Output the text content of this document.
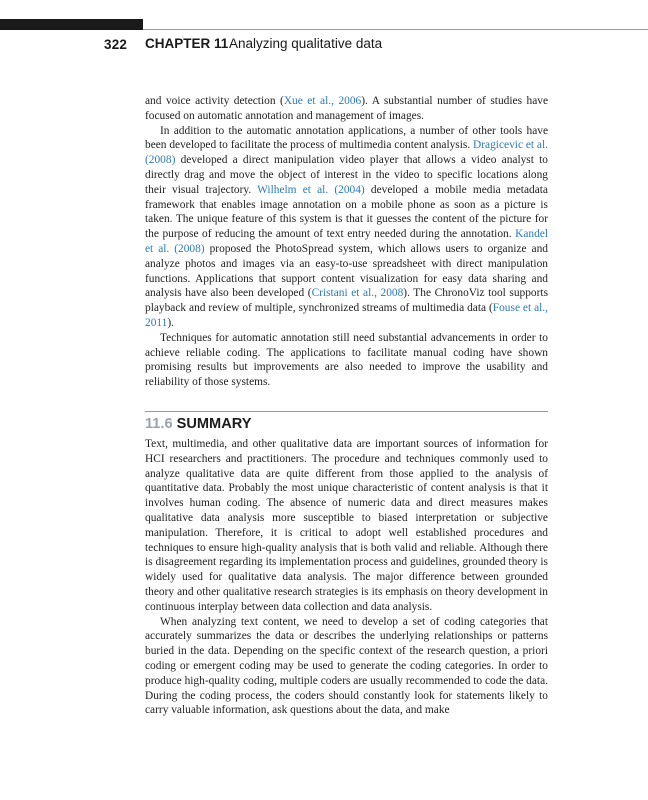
322 CHAPTER 11 Analyzing qualitative data

and voice activity detection (Xue et al., 2006). A substantial number of studies have focused on automatic annotation and management of images.

In addition to the automatic annotation applications, a number of other tools have been developed to facilitate the process of multimedia content analysis. Dragicevic et al. (2008) developed a direct manipulation video player that allows a video analyst to directly drag and move the object of interest in the video to specific locations along their visual trajectory. Wilhelm et al. (2004) developed a mobile media metadata framework that enables image annotation on a mobile phone as soon as a picture is taken. The unique feature of this system is that it guesses the content of the picture for the purpose of reducing the amount of text entry needed during the annotation. Kandel et al. (2008) proposed the PhotoSpread system, which allows users to organize and analyze photos and images via an easy-to-use spreadsheet with direct manipulation functions. Applications that support content visualization for easy data sharing and analysis have also been developed (Cristani et al., 2008). The ChronoViz tool supports playback and review of multiple, synchronized streams of multimedia data (Fouse et al., 2011).

Techniques for automatic annotation still need substantial advancements in order to achieve reliable coding. The applications to facilitate manual coding have shown promising results but improvements are also needed to improve the usability and reliability of those systems.

11.6 SUMMARY

Text, multimedia, and other qualitative data are important sources of information for HCI researchers and practitioners. The procedure and techniques commonly used to analyze qualitative data are quite different from those applied to the analysis of quantitative data. Probably the most unique characteristic of content analysis is that it involves human coding. The absence of numeric data and direct measures makes qualitative data analysis more susceptible to biased interpretation or subjective manipulation. Therefore, it is critical to adopt well established procedures and techniques to ensure high-quality analysis that is both valid and reliable. Although there is disagreement regarding its implementation process and guidelines, grounded theory is widely used for qualitative data analysis. The major difference between grounded theory and other qualitative research strategies is its emphasis on theory development in continuous interplay between data collection and data analysis.

When analyzing text content, we need to develop a set of coding categories that accurately summarizes the data or describes the underlying relationships or patterns buried in the data. Depending on the specific context of the research question, a priori coding or emergent coding may be used to generate the coding categories. In order to produce high-quality coding, multiple coders are usually recommended to code the data. During the coding process, the coders should constantly look for statements likely to carry valuable information, ask questions about the data, and make
